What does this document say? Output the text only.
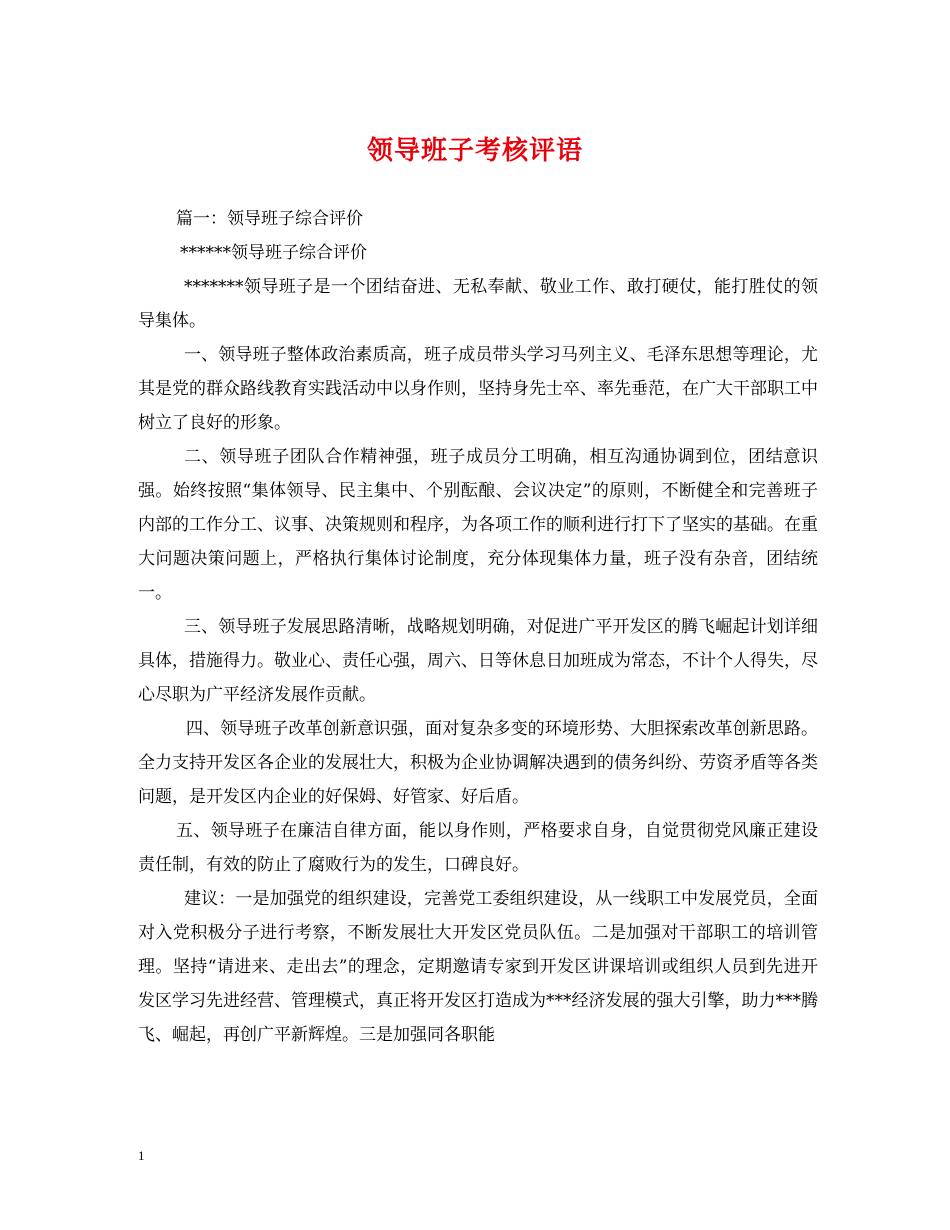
领导班子考核评语

篇一：领导班子综合评价

******领导班子综合评价

*******领导班子是一个团结奋进、无私奉献、敬业工作、敢打硬仗，能打胜仗的领导集体。

一、领导班子整体政治素质高，班子成员带头学习马列主义、毛泽东思想等理论，尤其是党的群众路线教育实践活动中以身作则，坚持身先士卒、率先垂范，在广大干部职工中树立了良好的形象。

二、领导班子团队合作精神强，班子成员分工明确，相互沟通协调到位，团结意识强。始终按照“集体领导、民主集中、个别酝酿、会议决定”的原则，不断健全和完善班子内部的工作分工、议事、决策规则和程序，为各项工作的顺利进行打下了坚实的基础。在重大问题决策问题上，严格执行集体讨论制度，充分体现集体力量，班子没有杂音，团结统一。

三、领导班子发展思路清晰，战略规划明确，对促进广平开发区的腾飞崛起计划详细具体，措施得力。敬业心、责任心强，周六、日等休息日加班成为常态，不计个人得失，尽心尽职为广平经济发展作贡献。

四、领导班子改革创新意识强，面对复杂多变的环境形势、大胆探索改革创新思路。全力支持开发区各企业的发展壮大，积极为企业协调解决遇到的债务纠纷、劳资矛盾等各类问题，是开发区内企业的好保姆、好管家、好后盾。

五、领导班子在廉洁自律方面，能以身作则，严格要求自身，自觉贯彻党风廉正建设责任制，有效的防止了腐败行为的发生，口碑良好。

建议：一是加强党的组织建设，完善党工委组织建设，从一线职工中发展党员，全面对入党积极分子进行考察，不断发展壮大开发区党员队伍。二是加强对干部职工的培训管理。坚持“请进来、走出去”的理念，定期邀请专家到开发区讲课培训或组织人员到先进开发区学习先进经营、管理模式，真正将开发区打造成为***经济发展的强大引擎，助力***腾飞、崛起，再创广平新辉煌。三是加强同各职能

1
